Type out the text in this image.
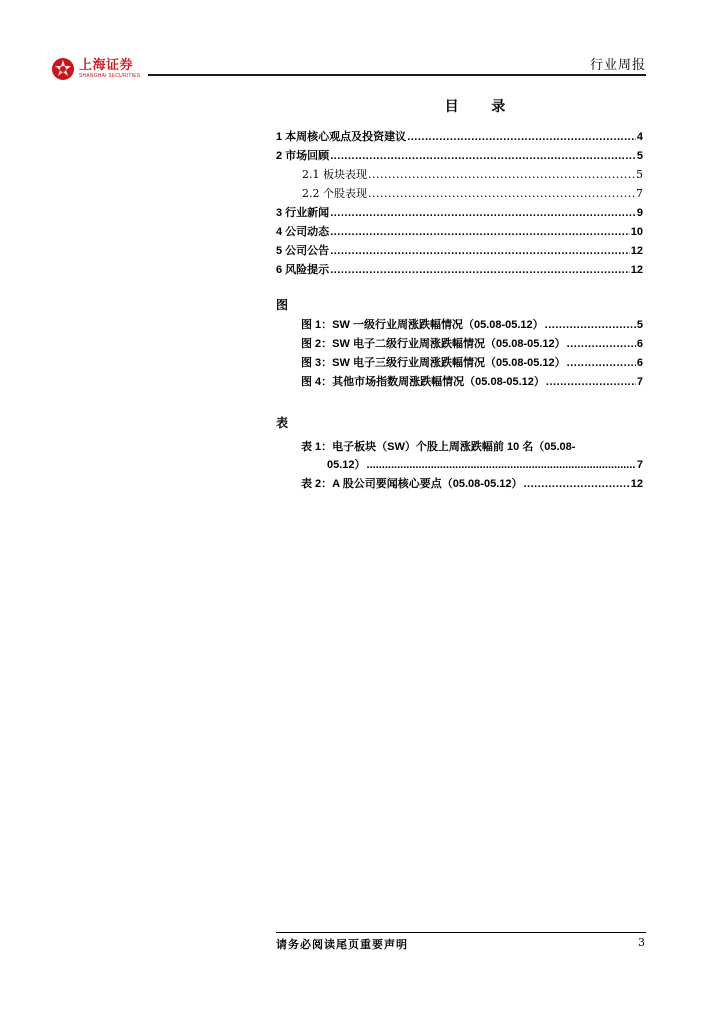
上海证券
SHANGHAI SECURITIES
行业周报
目 录
1 本周核心观点及投资建议 .....	4
2 市场回顾 .....	5
2.1 板块表现 .....	5
2.2 个股表现 .....	7
3 行业新闻 .....	9
4 公司动态 .....	10
5 公司公告 .....	12
6 风险提示 .....	12
图
图 1：SW 一级行业周涨跌幅情况（05.08-05.12） .....	5
图 2：SW 电子二级行业周涨跌幅情况（05.08-05.12） .....	6
图 3：SW 电子三级行业周涨跌幅情况（05.08-05.12） .....	6
图 4：其他市场指数周涨跌幅情况（05.08-05.12） .....	7
表
表 1：电子板块（SW）个股上周涨跌幅前 10 名（05.08-
05.12） .....	7
表 2：A 股公司要闻核心要点（05.08-05.12） .....	12
请务必阅读尾页重要声明	3
